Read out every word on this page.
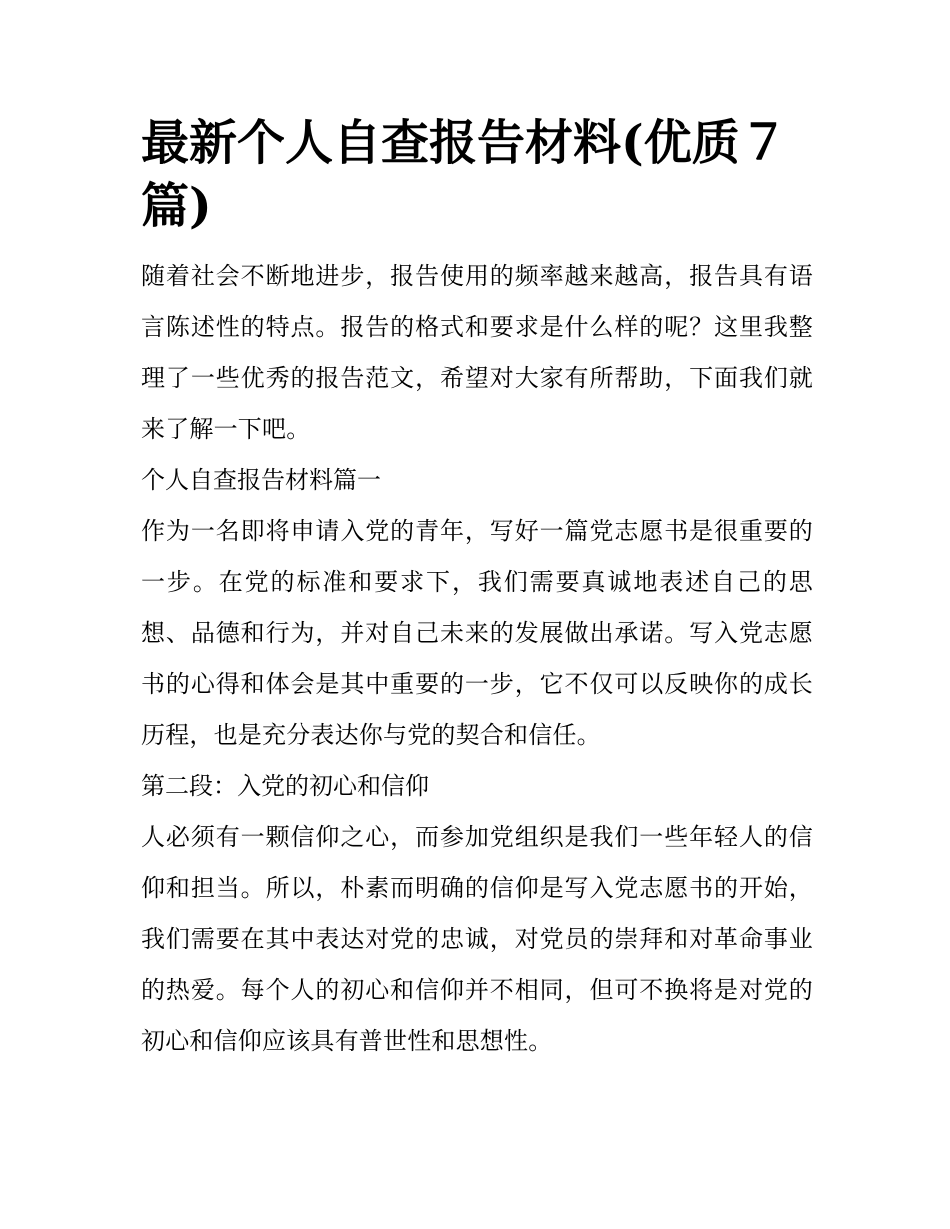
最新个人自查报告材料(优质７篇)

随着社会不断地进步，报告使用的频率越来越高，报告具有语言陈述性的特点。报告的格式和要求是什么样的呢？这里我整理了一些优秀的报告范文，希望对大家有所帮助，下面我们就来了解一下吧。

个人自查报告材料篇一

作为一名即将申请入党的青年，写好一篇党志愿书是很重要的一步。在党的标准和要求下，我们需要真诚地表述自己的思想、品德和行为，并对自己未来的发展做出承诺。写入党志愿书的心得和体会是其中重要的一步，它不仅可以反映你的成长历程，也是充分表达你与党的契合和信任。

第二段：入党的初心和信仰

人必须有一颗信仰之心，而参加党组织是我们一些年轻人的信仰和担当。所以，朴素而明确的信仰是写入党志愿书的开始，我们需要在其中表达对党的忠诚，对党员的崇拜和对革命事业的热爱。每个人的初心和信仰并不相同，但可不换将是对党的初心和信仰应该具有普世性和思想性。
